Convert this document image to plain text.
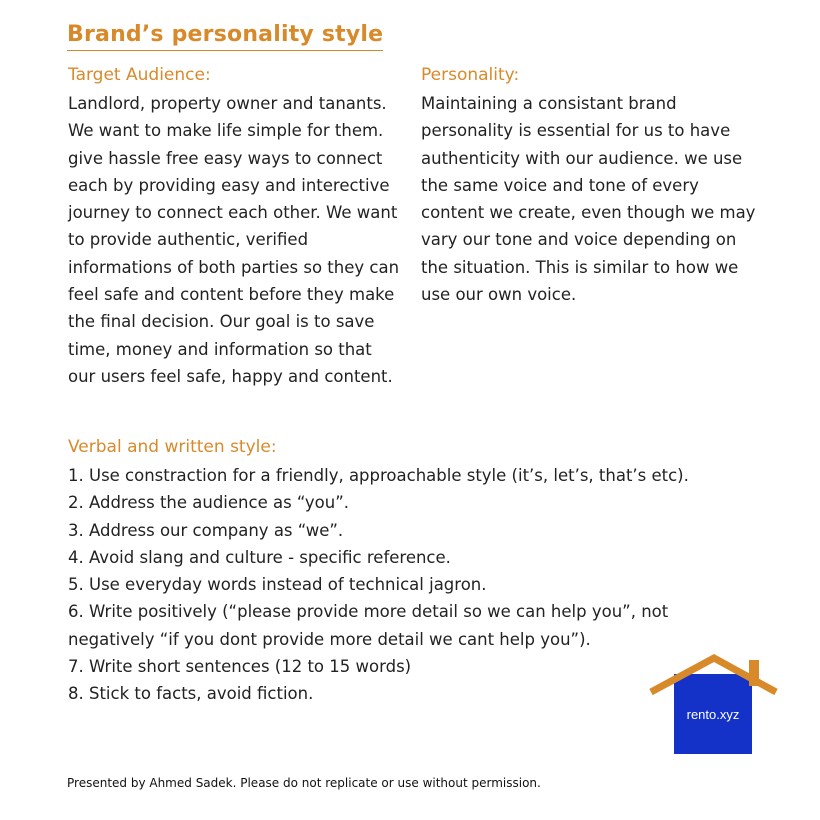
Brand’s personality style
Target Audience:

Landlord, property owner and tanants. We want to make life simple for them. give hassle free easy ways to connect each by providing easy and interective journey to connect each other. We want to provide authentic, verified informations of both parties so they can feel safe and content before they make the final decision. Our goal is to save time, money and information so that our users feel safe, happy and content.

Personality:

Maintaining a consistant brand personality is essential for us to have authenticity with our audience. we use the same voice and tone of every content we create, even though we may vary our tone and voice depending on the situation. This is similar to how we use our own voice.

Verbal and written style:
1. Use constraction for a friendly, approachable style (it’s, let’s, that’s etc).
2. Address the audience as “you”.
3. Address our company as “we”.
4. Avoid slang and culture - specific reference.
5. Use everyday words instead of technical jagron.
6. Write positively (“please provide more detail so we can help you”, not negatively “if you dont provide more detail we cant help you”).
7. Write short sentences (12 to 15 words)
8. Stick to facts, avoid fiction.
rento.xyz
Presented by Ahmed Sadek. Please do not replicate or use without permission.
